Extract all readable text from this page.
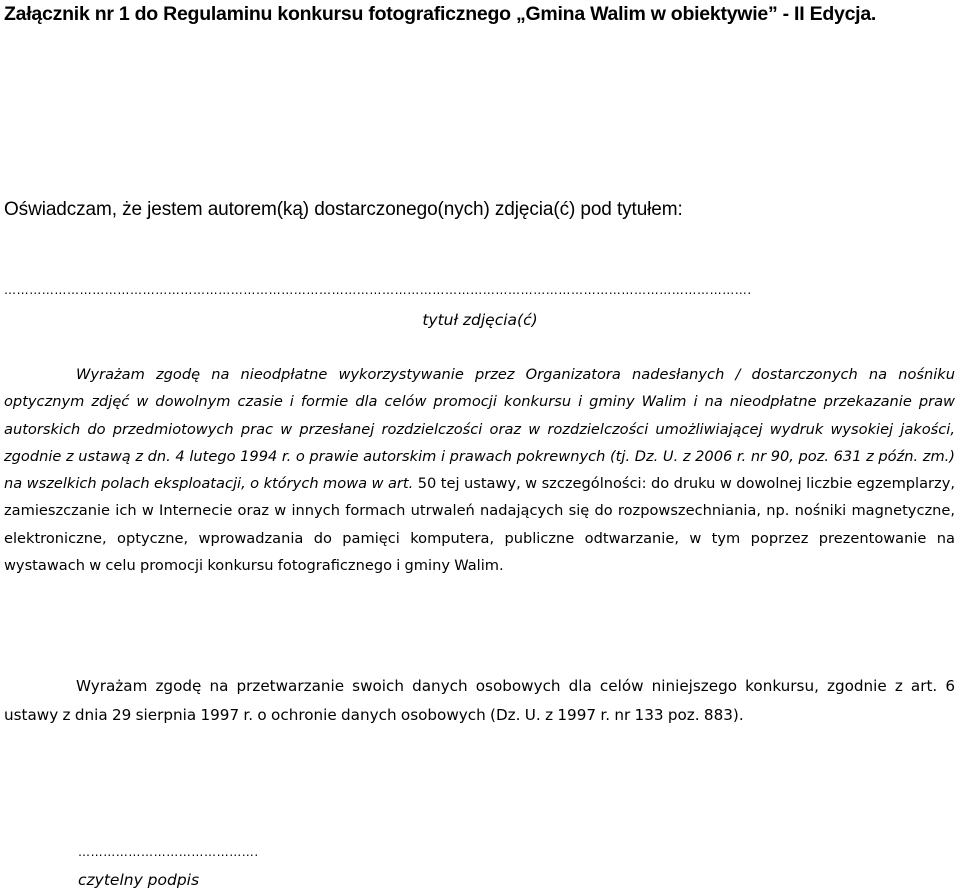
Załącznik nr 1 do Regulaminu konkursu fotograficznego „Gmina Walim w obiektywie” - II Edycja.
Oświadczam, że jestem autorem(ką) dostarczonego(nych) zdjęcia(ć) pod tytułem:
…………………………………………………………………………………………………………………………………………………………….
tytuł zdjęcia(ć)

Wyrażam zgodę na nieodpłatne wykorzystywanie przez Organizatora nadesłanych / dostarczonych na nośniku optycznym zdjęć w dowolnym czasie i formie dla celów promocji konkursu i gminy Walim i na nieodpłatne przekazanie praw autorskich do przedmiotowych prac w przesłanej rozdzielczości oraz w rozdzielczości umożliwiającej wydruk wysokiej jakości, zgodnie z ustawą z dn. 4 lutego 1994 r. o prawie autorskim i prawach pokrewnych (tj. Dz. U. z 2006 r. nr 90, poz. 631 z późn. zm.) na wszelkich polach eksploatacji, o których mowa w art. 50 tej ustawy, w szczególności: do druku w dowolnej liczbie egzemplarzy, zamieszczanie ich w Internecie oraz w innych formach utrwaleń nadających się do rozpowszechniania, np. nośniki magnetyczne, elektroniczne, optyczne, wprowadzania do pamięci komputera, publiczne odtwarzanie, w tym poprzez prezentowanie na wystawach w celu promocji konkursu fotograficznego i gminy Walim.

Wyrażam zgodę na przetwarzanie swoich danych osobowych dla celów niniejszego konkursu, zgodnie z art. 6 ustawy z dnia 29 sierpnia 1997 r. o ochronie danych osobowych (Dz. U. z 1997 r. nr 133 poz. 883).

…………………………………….
czytelny podpis
